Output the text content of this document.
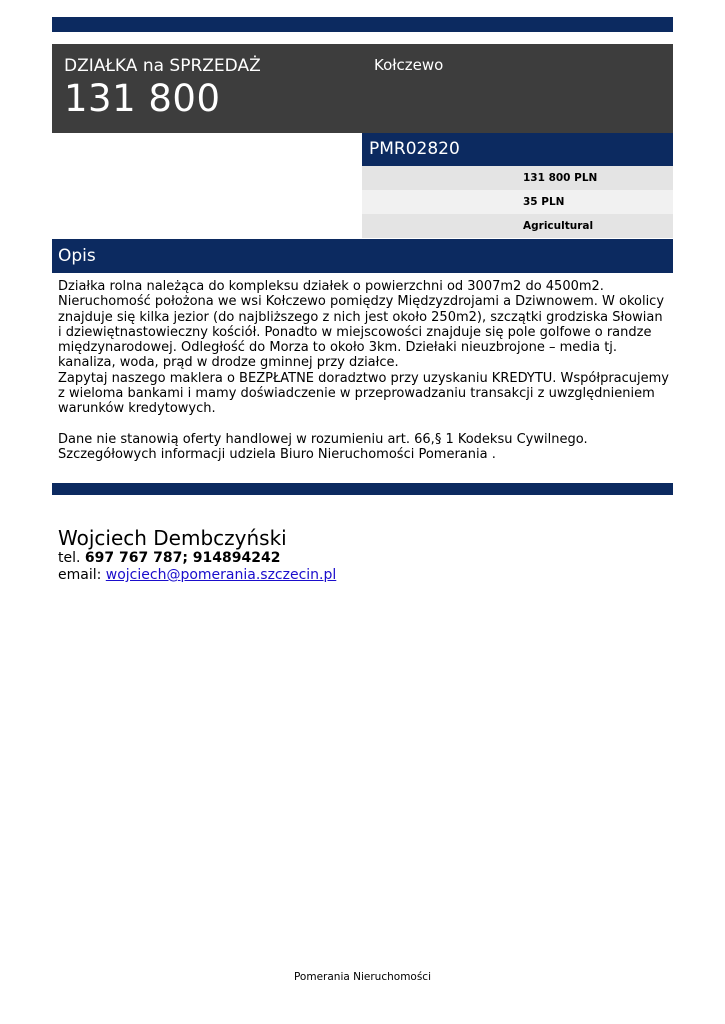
DZIAŁKA na SPRZEDAŻ
131 800
Kołczewo
PMR02820
131 800 PLN
35 PLN
Agricultural
Opis

Działka rolna należąca do kompleksu działek o powierzchni od 3007m2 do 4500m2. Nieruchomość położona we wsi Kołczewo pomiędzy Międzyzdrojami a Dziwnowem. W okolicy znajduje się kilka jezior (do najbliższego z nich jest około 250m2), szczątki grodziska Słowian i dziewiętnastowieczny kościół. Ponadto w miejscowości znajduje się pole golfowe o randze międzynarodowej. Odległość do Morza to około 3km. Dziełaki nieuzbrojone – media tj. kanaliza, woda, prąd w drodze gminnej przy działce.

Zapytaj naszego maklera o BEZPŁATNE doradztwo przy uzyskaniu KREDYTU. Współpracujemy z wieloma bankami i mamy doświadczenie w przeprowadzaniu transakcji z uwzględnieniem warunków kredytowych.

Dane nie stanowią oferty handlowej w rozumieniu art. 66,§ 1 Kodeksu Cywilnego. Szczegółowych informacji udziela Biuro Nieruchomości Pomerania .

Wojciech Dembczyński
tel. 697 767 787; 914894242
email: wojciech@pomerania.szczecin.pl
Pomerania Nieruchomości
